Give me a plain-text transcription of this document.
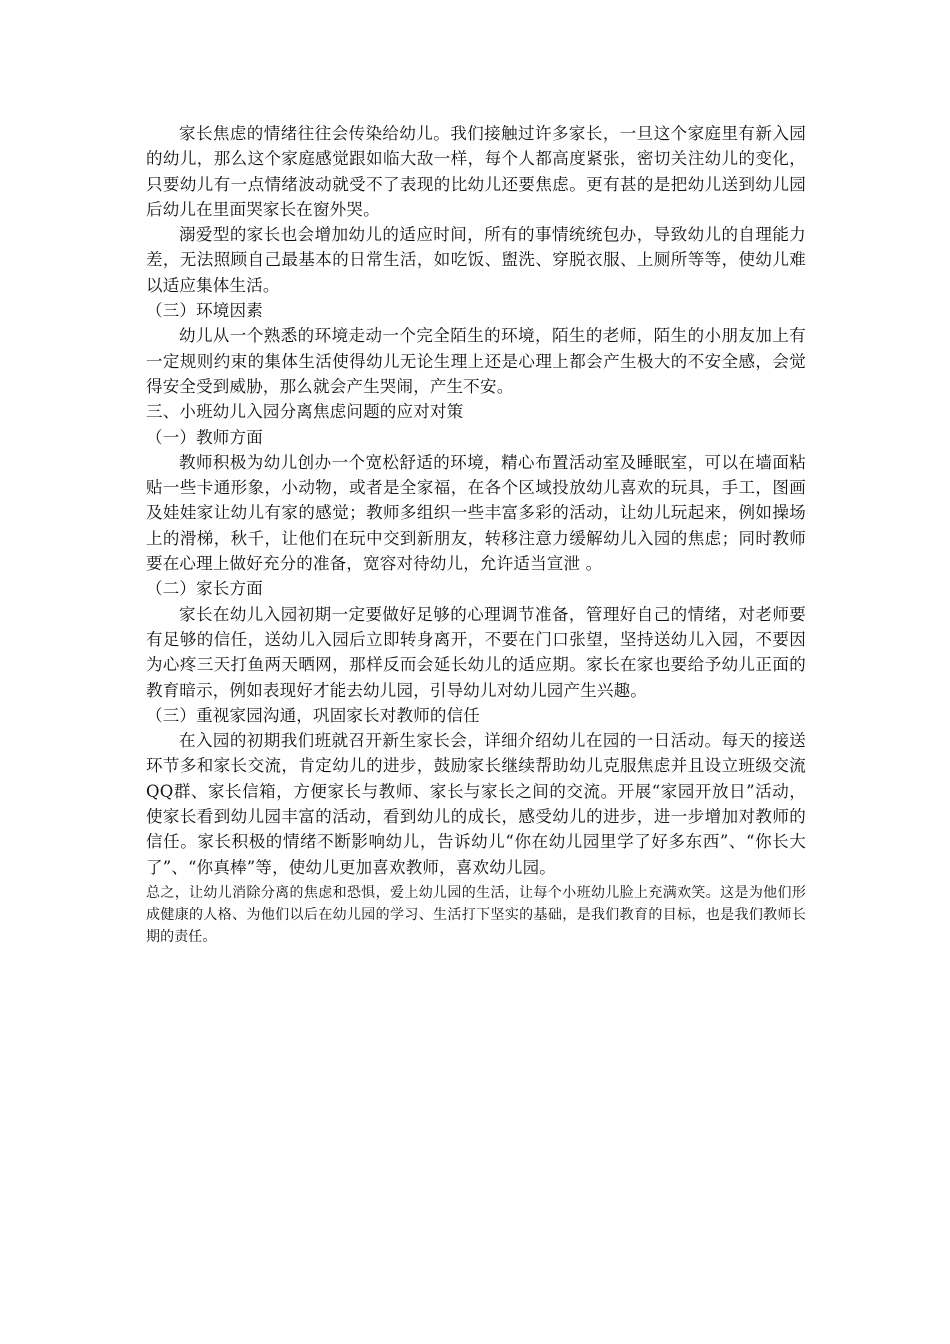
家长焦虑的情绪往往会传染给幼儿。我们接触过许多家长，一旦这个家庭里有新入园的幼儿，那么这个家庭感觉跟如临大敌一样，每个人都高度紧张，密切关注幼儿的变化，只要幼儿有一点情绪波动就受不了表现的比幼儿还要焦虑。更有甚的是把幼儿送到幼儿园后幼儿在里面哭家长在窗外哭。

溺爱型的家长也会增加幼儿的适应时间，所有的事情统统包办，导致幼儿的自理能力差，无法照顾自己最基本的日常生活，如吃饭、盥洗、穿脱衣服、上厕所等等，使幼儿难以适应集体生活。

（三）环境因素

幼儿从一个熟悉的环境走动一个完全陌生的环境，陌生的老师，陌生的小朋友加上有一定规则约束的集体生活使得幼儿无论生理上还是心理上都会产生极大的不安全感，会觉得安全受到威胁，那么就会产生哭闹，产生不安。

三、小班幼儿入园分离焦虑问题的应对对策

（一）教师方面

教师积极为幼儿创办一个宽松舒适的环境，精心布置活动室及睡眠室，可以在墙面粘贴一些卡通形象，小动物，或者是全家福，在各个区域投放幼儿喜欢的玩具，手工，图画及娃娃家让幼儿有家的感觉；教师多组织一些丰富多彩的活动，让幼儿玩起来，例如操场上的滑梯，秋千，让他们在玩中交到新朋友，转移注意力缓解幼儿入园的焦虑；同时教师要在心理上做好充分的准备，宽容对待幼儿，允许适当宣泄 。

（二）家长方面

家长在幼儿入园初期一定要做好足够的心理调节准备，管理好自己的情绪，对老师要有足够的信任，送幼儿入园后立即转身离开，不要在门口张望，坚持送幼儿入园，不要因为心疼三天打鱼两天晒网，那样反而会延长幼儿的适应期。家长在家也要给予幼儿正面的教育暗示，例如表现好才能去幼儿园，引导幼儿对幼儿园产生兴趣。

（三）重视家园沟通，巩固家长对教师的信任

在入园的初期我们班就召开新生家长会，详细介绍幼儿在园的一日活动。每天的接送环节多和家长交流，肯定幼儿的进步，鼓励家长继续帮助幼儿克服焦虑并且设立班级交流QQ群、家长信箱，方便家长与教师、家长与家长之间的交流。开展“家园开放日”活动，使家长看到幼儿园丰富的活动，看到幼儿的成长，感受幼儿的进步，进一步增加对教师的信任。家长积极的情绪不断影响幼儿，告诉幼儿“你在幼儿园里学了好多东西”、“你长大了”、“你真棒”等，使幼儿更加喜欢教师，喜欢幼儿园。

总之，让幼儿消除分离的焦虑和恐惧，爱上幼儿园的生活，让每个小班幼儿脸上充满欢笑。这是为他们形成健康的人格、为他们以后在幼儿园的学习、生活打下坚实的基础，是我们教育的目标，也是我们教师长期的责任。
